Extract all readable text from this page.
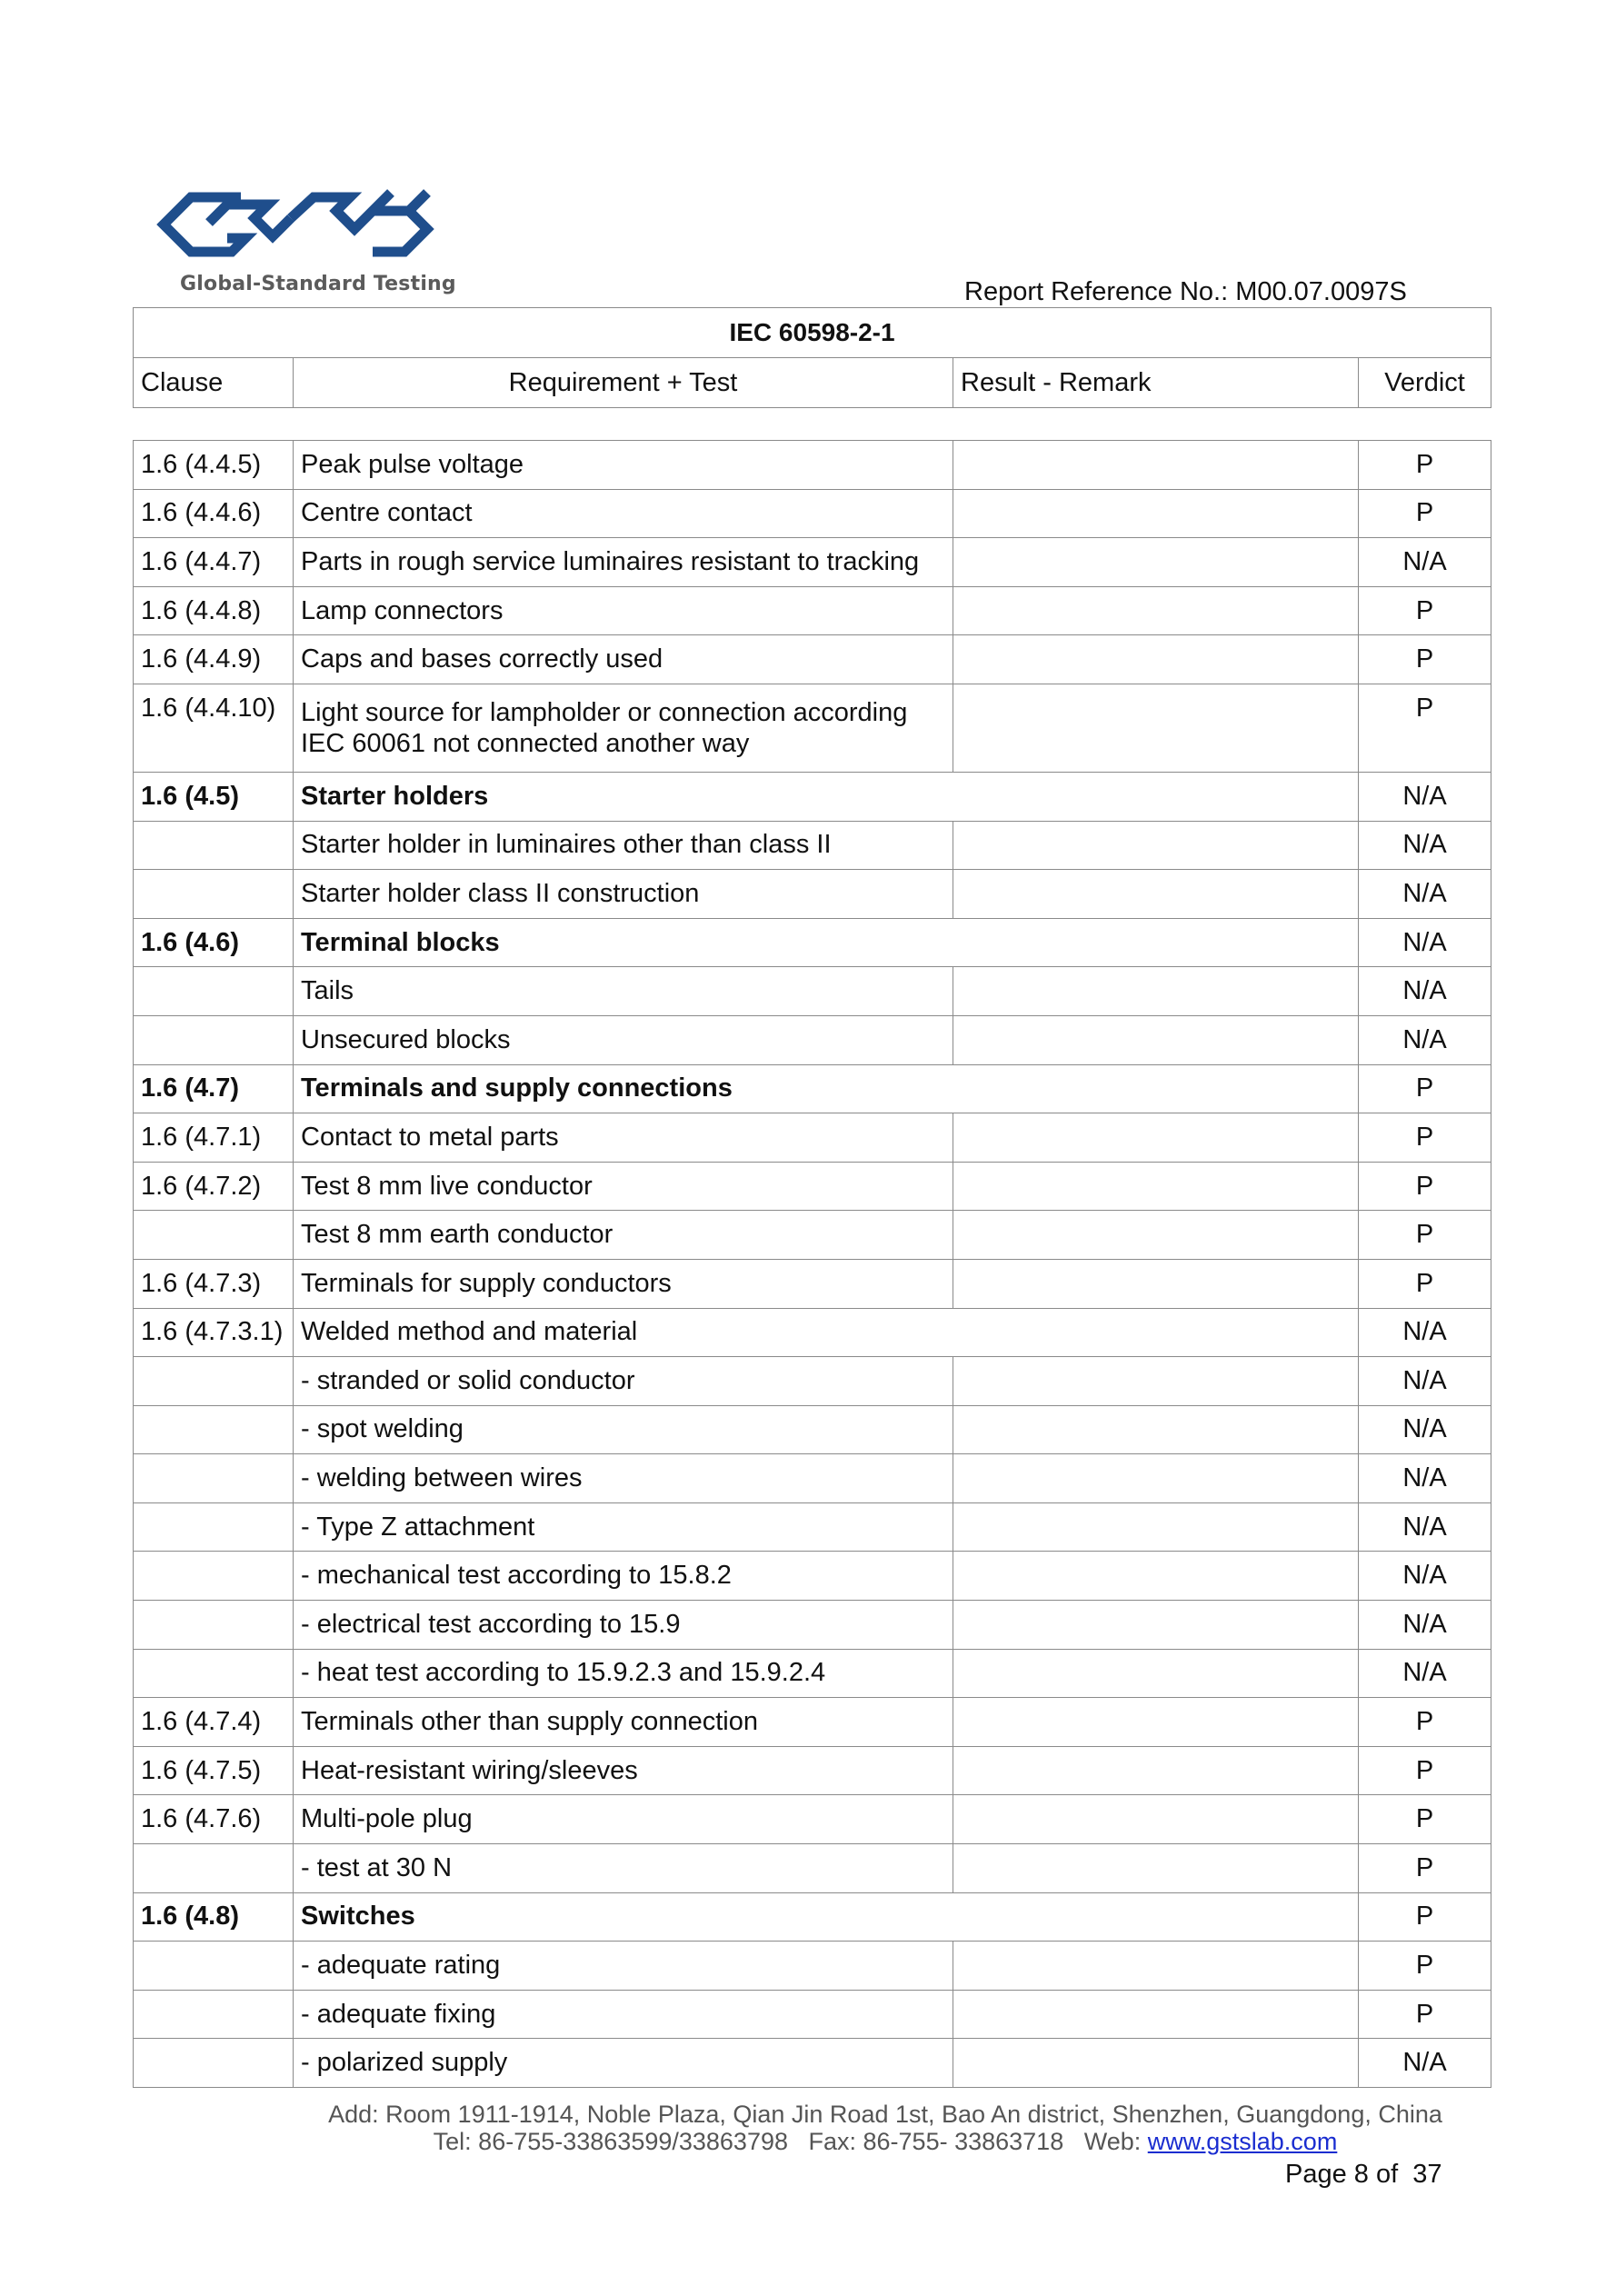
Global-Standard Testing	Report Reference No.: M00.07.0097S
IEC 60598-2-1
Clause	Requirement + Test	Result - Remark	Verdict
1.6 (4.4.5)	Peak pulse voltage		P
1.6 (4.4.6)	Centre contact		P
1.6 (4.4.7)	Parts in rough service luminaires resistant to tracking		N/A
1.6 (4.4.8)	Lamp connectors		P
1.6 (4.4.9)	Caps and bases correctly used		P
1.6 (4.4.10)	Light source for lampholder or connection according IEC 60061 not connected another way		P
1.6 (4.5)	Starter holders		N/A
	Starter holder in luminaires other than class II		N/A
	Starter holder class II construction		N/A
1.6 (4.6)	Terminal blocks		N/A
	Tails		N/A
	Unsecured blocks		N/A
1.6 (4.7)	Terminals and supply connections		P
1.6 (4.7.1)	Contact to metal parts		P
1.6 (4.7.2)	Test 8 mm live conductor		P
	Test 8 mm earth conductor		P
1.6 (4.7.3)	Terminals for supply conductors		P
1.6 (4.7.3.1)	Welded method and material		N/A
	- stranded or solid conductor		N/A
	- spot welding		N/A
	- welding between wires		N/A
	- Type Z attachment		N/A
	- mechanical test according to 15.8.2		N/A
	- electrical test according to 15.9		N/A
	- heat test according to 15.9.2.3 and 15.9.2.4		N/A
1.6 (4.7.4)	Terminals other than supply connection		P
1.6 (4.7.5)	Heat-resistant wiring/sleeves		P
1.6 (4.7.6)	Multi-pole plug		P
	- test at 30 N		P
1.6 (4.8)	Switches		P
	- adequate rating		P
	- adequate fixing		P
	- polarized supply		N/A
Add: Room 1911-1914, Noble Plaza, Qian Jin Road 1st, Bao An district, Shenzhen, Guangdong, China
Tel: 86-755-33863599/33863798   Fax: 86-755- 33863718   Web: www.gstslab.com
Page 8 of  37
